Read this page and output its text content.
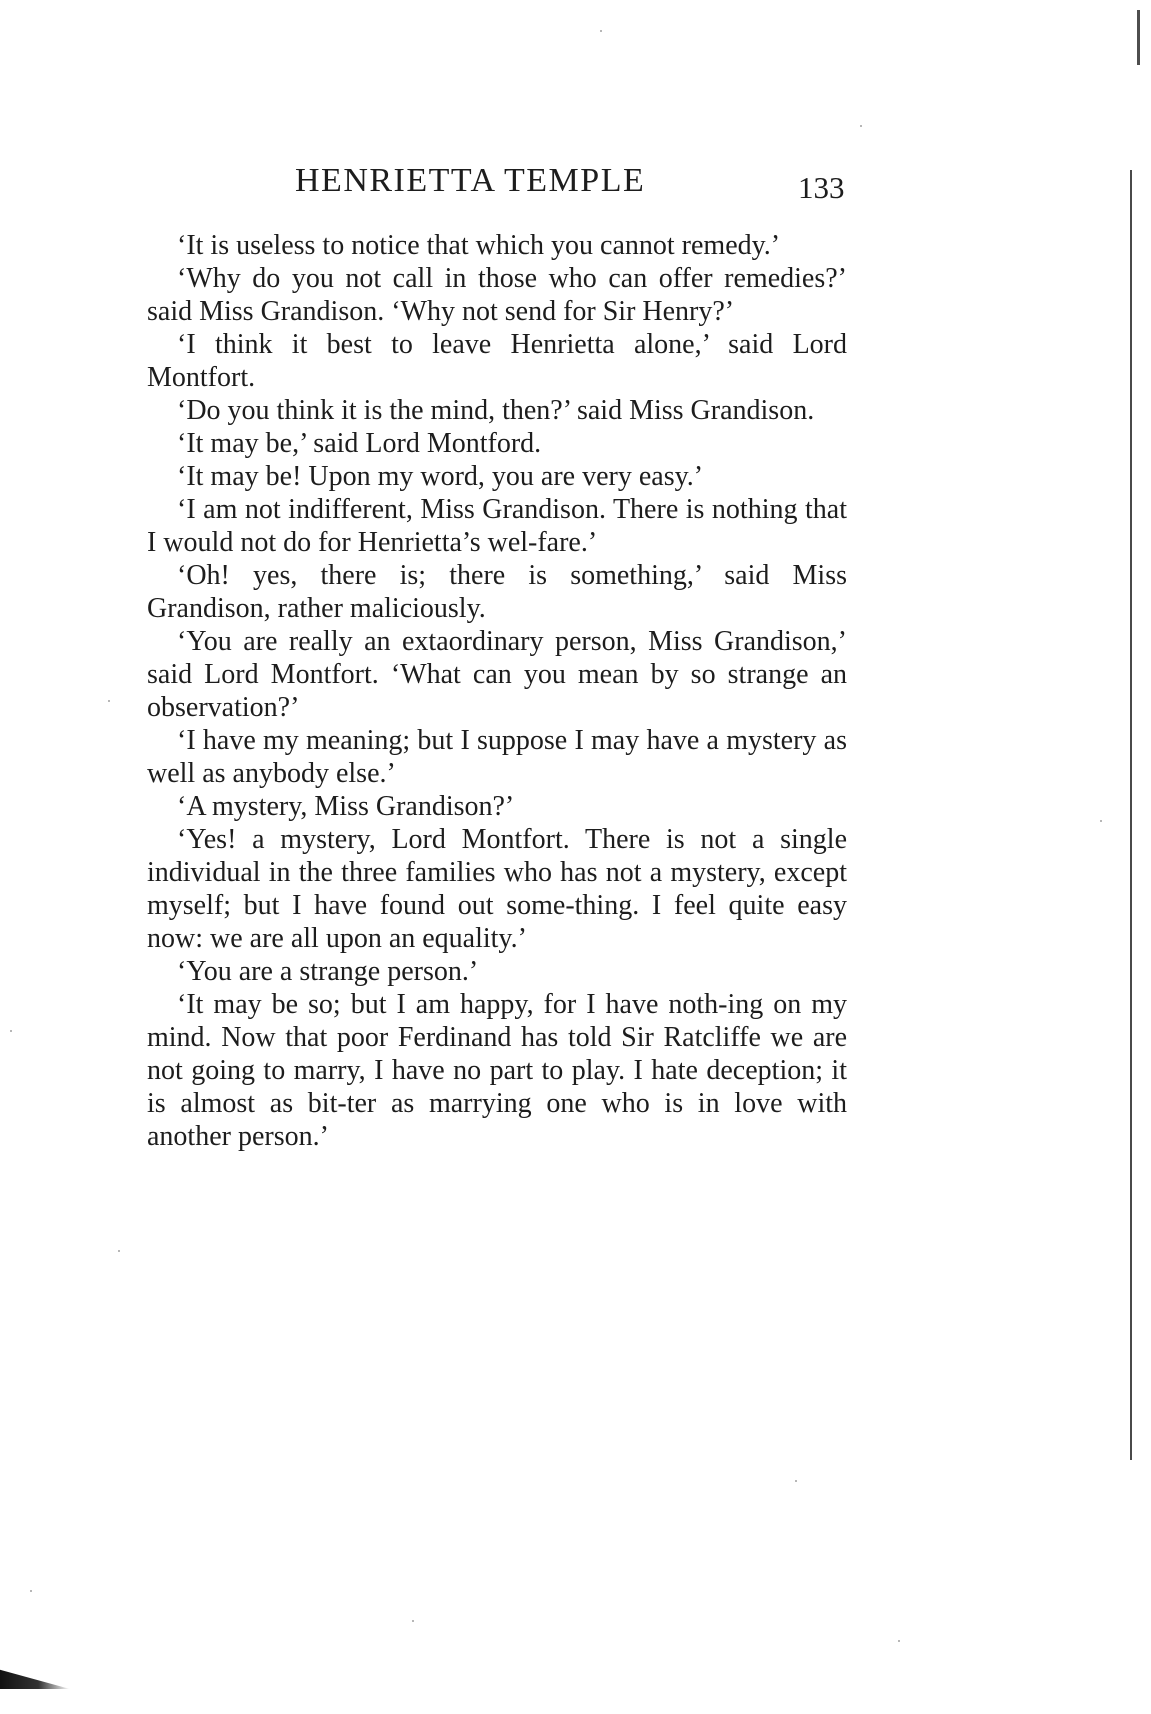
HENRIETTA TEMPLE	133

‘It is useless to notice that which you cannot remedy.’

‘Why do you not call in those who can offer remedies?’ said Miss Grandison. ‘Why not send for Sir Henry?’

‘I think it best to leave Henrietta alone,’ said Lord Montfort.

‘Do you think it is the mind, then?’ said Miss Grandison.

‘It may be,’ said Lord Montford.

‘It may be! Upon my word, you are very easy.’

‘I am not indifferent, Miss Grandison. There is nothing that I would not do for Henrietta’s wel-fare.’

‘Oh! yes, there is; there is something,’ said Miss Grandison, rather maliciously.

‘You are really an extaordinary person, Miss Grandison,’ said Lord Montfort. ‘What can you mean by so strange an observation?’

‘I have my meaning; but I suppose I may have a mystery as well as anybody else.’

‘A mystery, Miss Grandison?’

‘Yes! a mystery, Lord Montfort. There is not a single individual in the three families who has not a mystery, except myself; but I have found out some-thing. I feel quite easy now: we are all upon an equality.’

‘You are a strange person.’

‘It may be so; but I am happy, for I have noth-ing on my mind. Now that poor Ferdinand has told Sir Ratcliffe we are not going to marry, I have no part to play. I hate deception; it is almost as bit-ter as marrying one who is in love with another person.’
